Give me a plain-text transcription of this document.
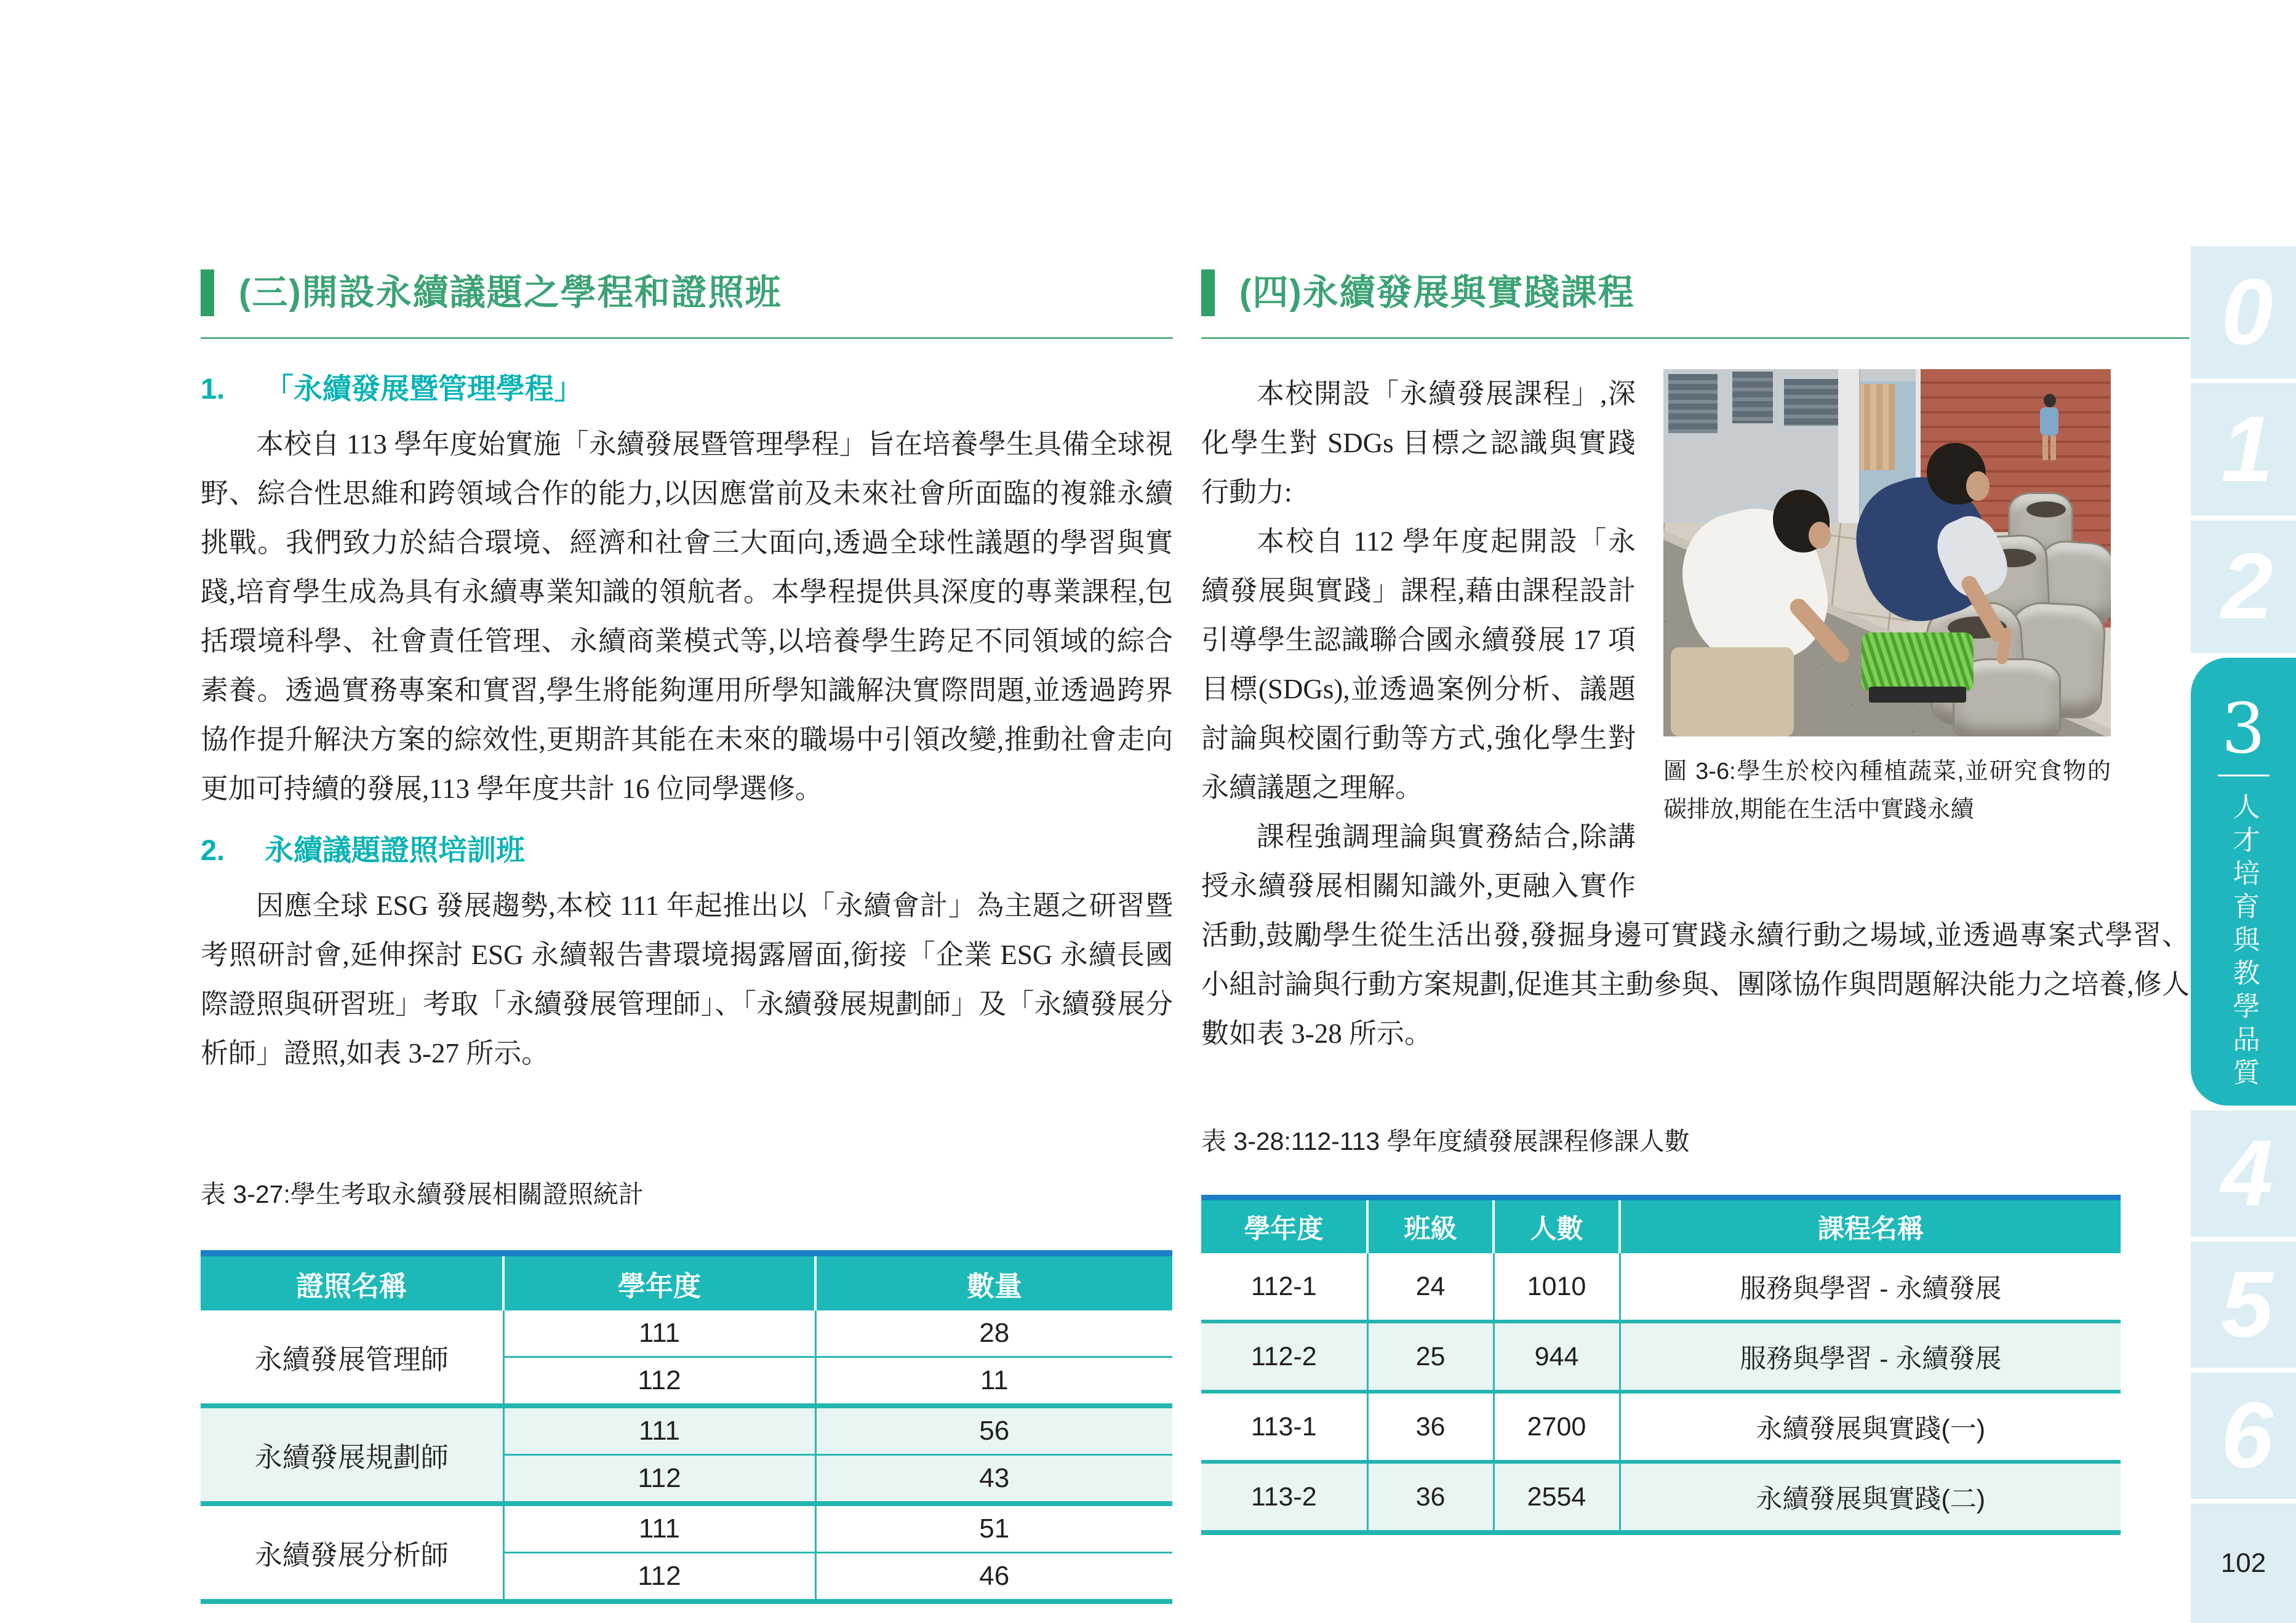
(三)開設永續議題之學程和證照班
1.	「永續發展暨管理學程」

本校自 113 學年度始實施「永續發展暨管理學程」旨在培養學生具備全球視野、綜合性思維和跨領域合作的能力,以因應當前及未來社會所面臨的複雜永續挑戰。我們致力於結合環境、經濟和社會三大面向,透過全球性議題的學習與實踐,培育學生成為具有永續專業知識的領航者。本學程提供具深度的專業課程,包括環境科學、社會責任管理、永續商業模式等,以培養學生跨足不同領域的綜合素養。透過實務專案和實習,學生將能夠運用所學知識解決實際問題,並透過跨界協作提升解決方案的綜效性,更期許其能在未來的職場中引領改變,推動社會走向更加可持續的發展,113 學年度共計 16 位同學選修。

2.	永續議題證照培訓班

因應全球 ESG 發展趨勢,本校 111 年起推出以「永續會計」為主題之研習暨考照研討會,延伸探討 ESG 永續報告書環境揭露層面,銜接「企業 ESG 永續長國際證照與研習班」考取「永續發展管理師」、「永續發展規劃師」及「永續發展分析師」證照,如表 3-27 所示。

表 3-27:學生考取永續發展相關證照統計
證照名稱	學年度	數量
永續發展管理師	111	28
	112	11
永續發展規劃師	111	56
	112	43
永續發展分析師	111	51
	112	46
(四)永續發展與實踐課程
圖 3-6:學生於校內種植蔬菜,並研究食物的碳排放,期能在生活中實踐永續

本校開設「永續發展課程」,深化學生對 SDGs 目標之認識與實踐行動力:

本校自 112 學年度起開設「永續發展與實踐」課程,藉由課程設計引導學生認識聯合國永續發展 17 項目標(SDGs),並透過案例分析、議題討論與校園行動等方式,強化學生對永續議題之理解。

課程強調理論與實務結合,除講授永續發展相關知識外,更融入實作活動,鼓勵學生從生活出發,發掘身邊可實踐永續行動之場域,並透過專案式學習、小組討論與行動方案規劃,促進其主動參與、團隊協作與問題解決能力之培養,修人數如表 3-28 所示。

表 3-28:112-113 學年度績發展課程修課人數
學年度	班級	人數	課程名稱
112-1	24	1010	服務與學習 - 永續發展
112-2	25	944	服務與學習 - 永續發展
113-1	36	2700	永續發展與實踐(一)
113-2	36	2554	永續發展與實踐(二)
0
1
2
3
人才培育與教學品質
4
5
6
102
